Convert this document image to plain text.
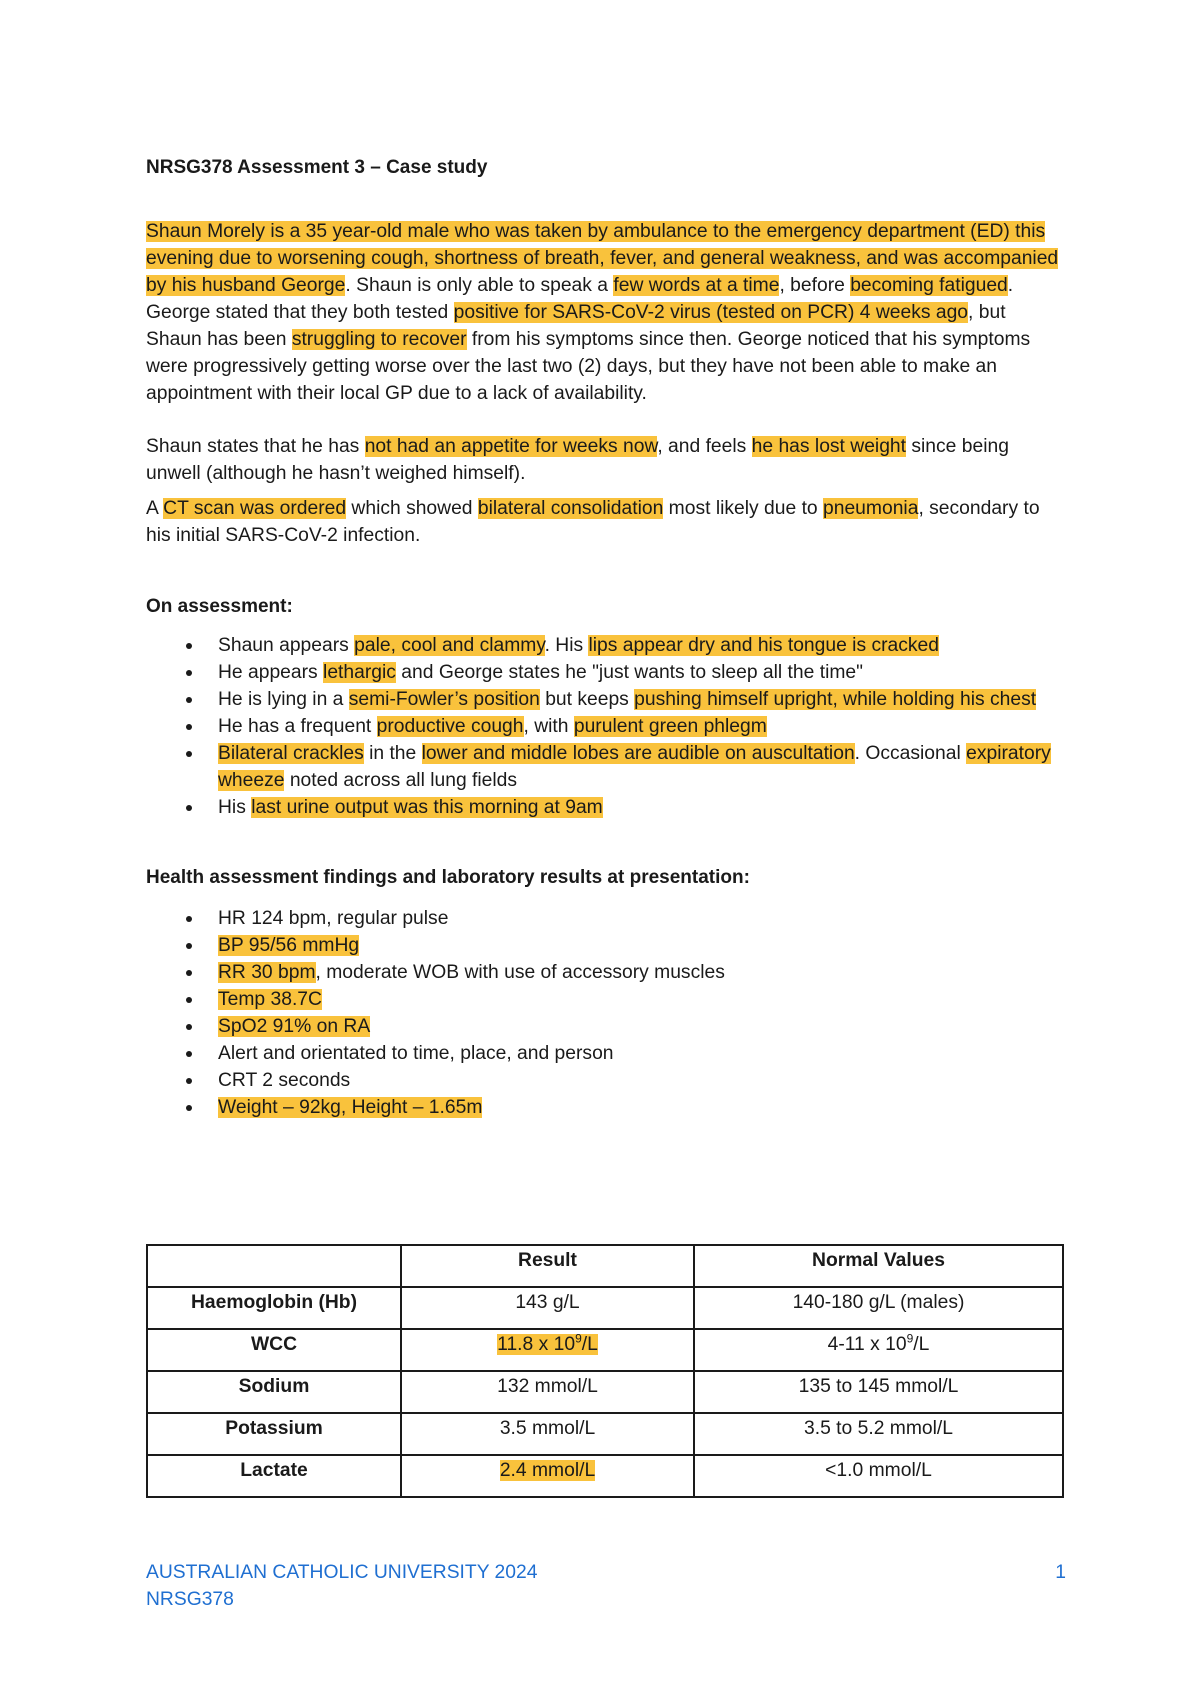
NRSG378 Assessment 3 – Case study

Shaun Morely is a 35 year-old male who was taken by ambulance to the emergency department (ED) this evening due to worsening cough, shortness of breath, fever, and general weakness, and was accompanied by his husband George. Shaun is only able to speak a few words at a time, before becoming fatigued. George stated that they both tested positive for SARS-CoV-2 virus (tested on PCR) 4 weeks ago, but Shaun has been struggling to recover from his symptoms since then. George noticed that his symptoms were progressively getting worse over the last two (2) days, but they have not been able to make an appointment with their local GP due to a lack of availability.

Shaun states that he has not had an appetite for weeks now, and feels he has lost weight since being unwell (although he hasn’t weighed himself).

A CT scan was ordered which showed bilateral consolidation most likely due to pneumonia, secondary to his initial SARS-CoV-2 infection.

On assessment:
Shaun appears pale, cool and clammy. His lips appear dry and his tongue is cracked
He appears lethargic and George states he "just wants to sleep all the time"
He is lying in a semi-Fowler’s position but keeps pushing himself upright, while holding his chest
He has a frequent productive cough, with purulent green phlegm
Bilateral crackles in the lower and middle lobes are audible on auscultation. Occasional expiratory wheeze noted across all lung fields
His last urine output was this morning at 9am
Health assessment findings and laboratory results at presentation:
HR 124 bpm, regular pulse
BP 95/56 mmHg
RR 30 bpm, moderate WOB with use of accessory muscles
Temp 38.7C
SpO2 91% on RA
Alert and orientated to time, place, and person
CRT 2 seconds
Weight – 92kg, Height – 1.65m
	Result	Normal Values
Haemoglobin (Hb)	143 g/L	140-180 g/L (males)
WCC	11.8 x $10^9/L$	4-11 x $10^9/L$
Sodium	132 mmol/L	135 to 145 mmol/L
Potassium	3.5 mmol/L	3.5 to 5.2 mmol/L
Lactate	2.4 mmol/L	<1.0 mmol/L
AUSTRALIAN CATHOLIC UNIVERSITY 2024
NRSG378
1
